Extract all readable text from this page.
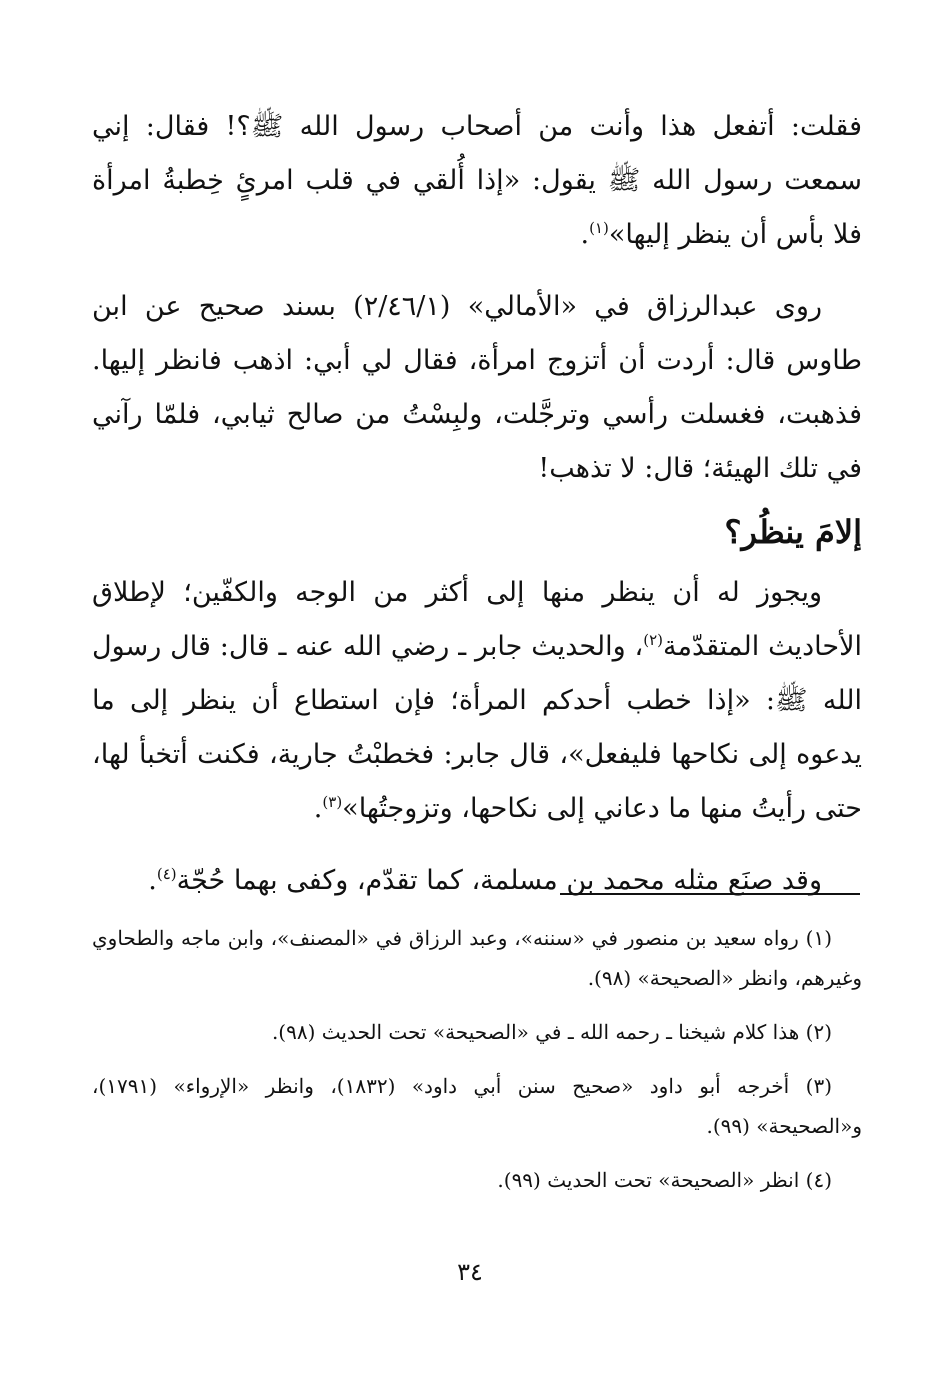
فقلت: أتفعل هذا وأنت من أصحاب رسول الله ﷺ؟! فقال: إني سمعت رسول الله ﷺ يقول: «إذا أُلقي في قلب امرئٍ خِطبةُ امرأة فلا بأس أن ينظر إليها»$^{(١)}$.

روى عبدالرزاق في «الأمالي» (٢/٤٦/١) بسند صحيح عن ابن طاوس قال: أردت أن أتزوج امرأة، فقال لي أبي: اذهب فانظر إليها. فذهبت، فغسلت رأسي وترجَّلت، ولبِسْتُ من صالح ثيابي، فلمّا رآني في تلك الهيئة؛ قال: لا تذهب!

إلامَ ينظُر؟

ويجوز له أن ينظر منها إلى أكثر من الوجه والكفّين؛ لإطلاق الأحاديث المتقدّمة$^{(٢)}$، والحديث جابر ـ رضي الله عنه ـ قال: قال رسول الله ﷺ: «إذا خطب أحدكم المرأة؛ فإن استطاع أن ينظر إلى ما يدعوه إلى نكاحها فليفعل»، قال جابر: فخطبْتُ جارية، فكنت أتخبأ لها، حتى رأيتُ منها ما دعاني إلى نكاحها، وتزوجتُها»$^{(٣)}$.

وقد صنَع مثله محمد بن مسلمة، كما تقدّم، وكفى بهما حُجّة$^{(٤)}$.

(١) رواه سعيد بن منصور في «سننه»، وعبد الرزاق في «المصنف»، وابن ماجه والطحاوي وغيرهم، وانظر «الصحيحة» (٩٨).

(٢) هذا كلام شيخنا ـ رحمه الله ـ في «الصحيحة» تحت الحديث (٩٨).

(٣) أخرجه أبو داود «صحيح سنن أبي داود» (١٨٣٢)، وانظر «الإرواء» (١٧٩١)، و«الصحيحة» (٩٩).

(٤) انظر «الصحيحة» تحت الحديث (٩٩).

٣٤
